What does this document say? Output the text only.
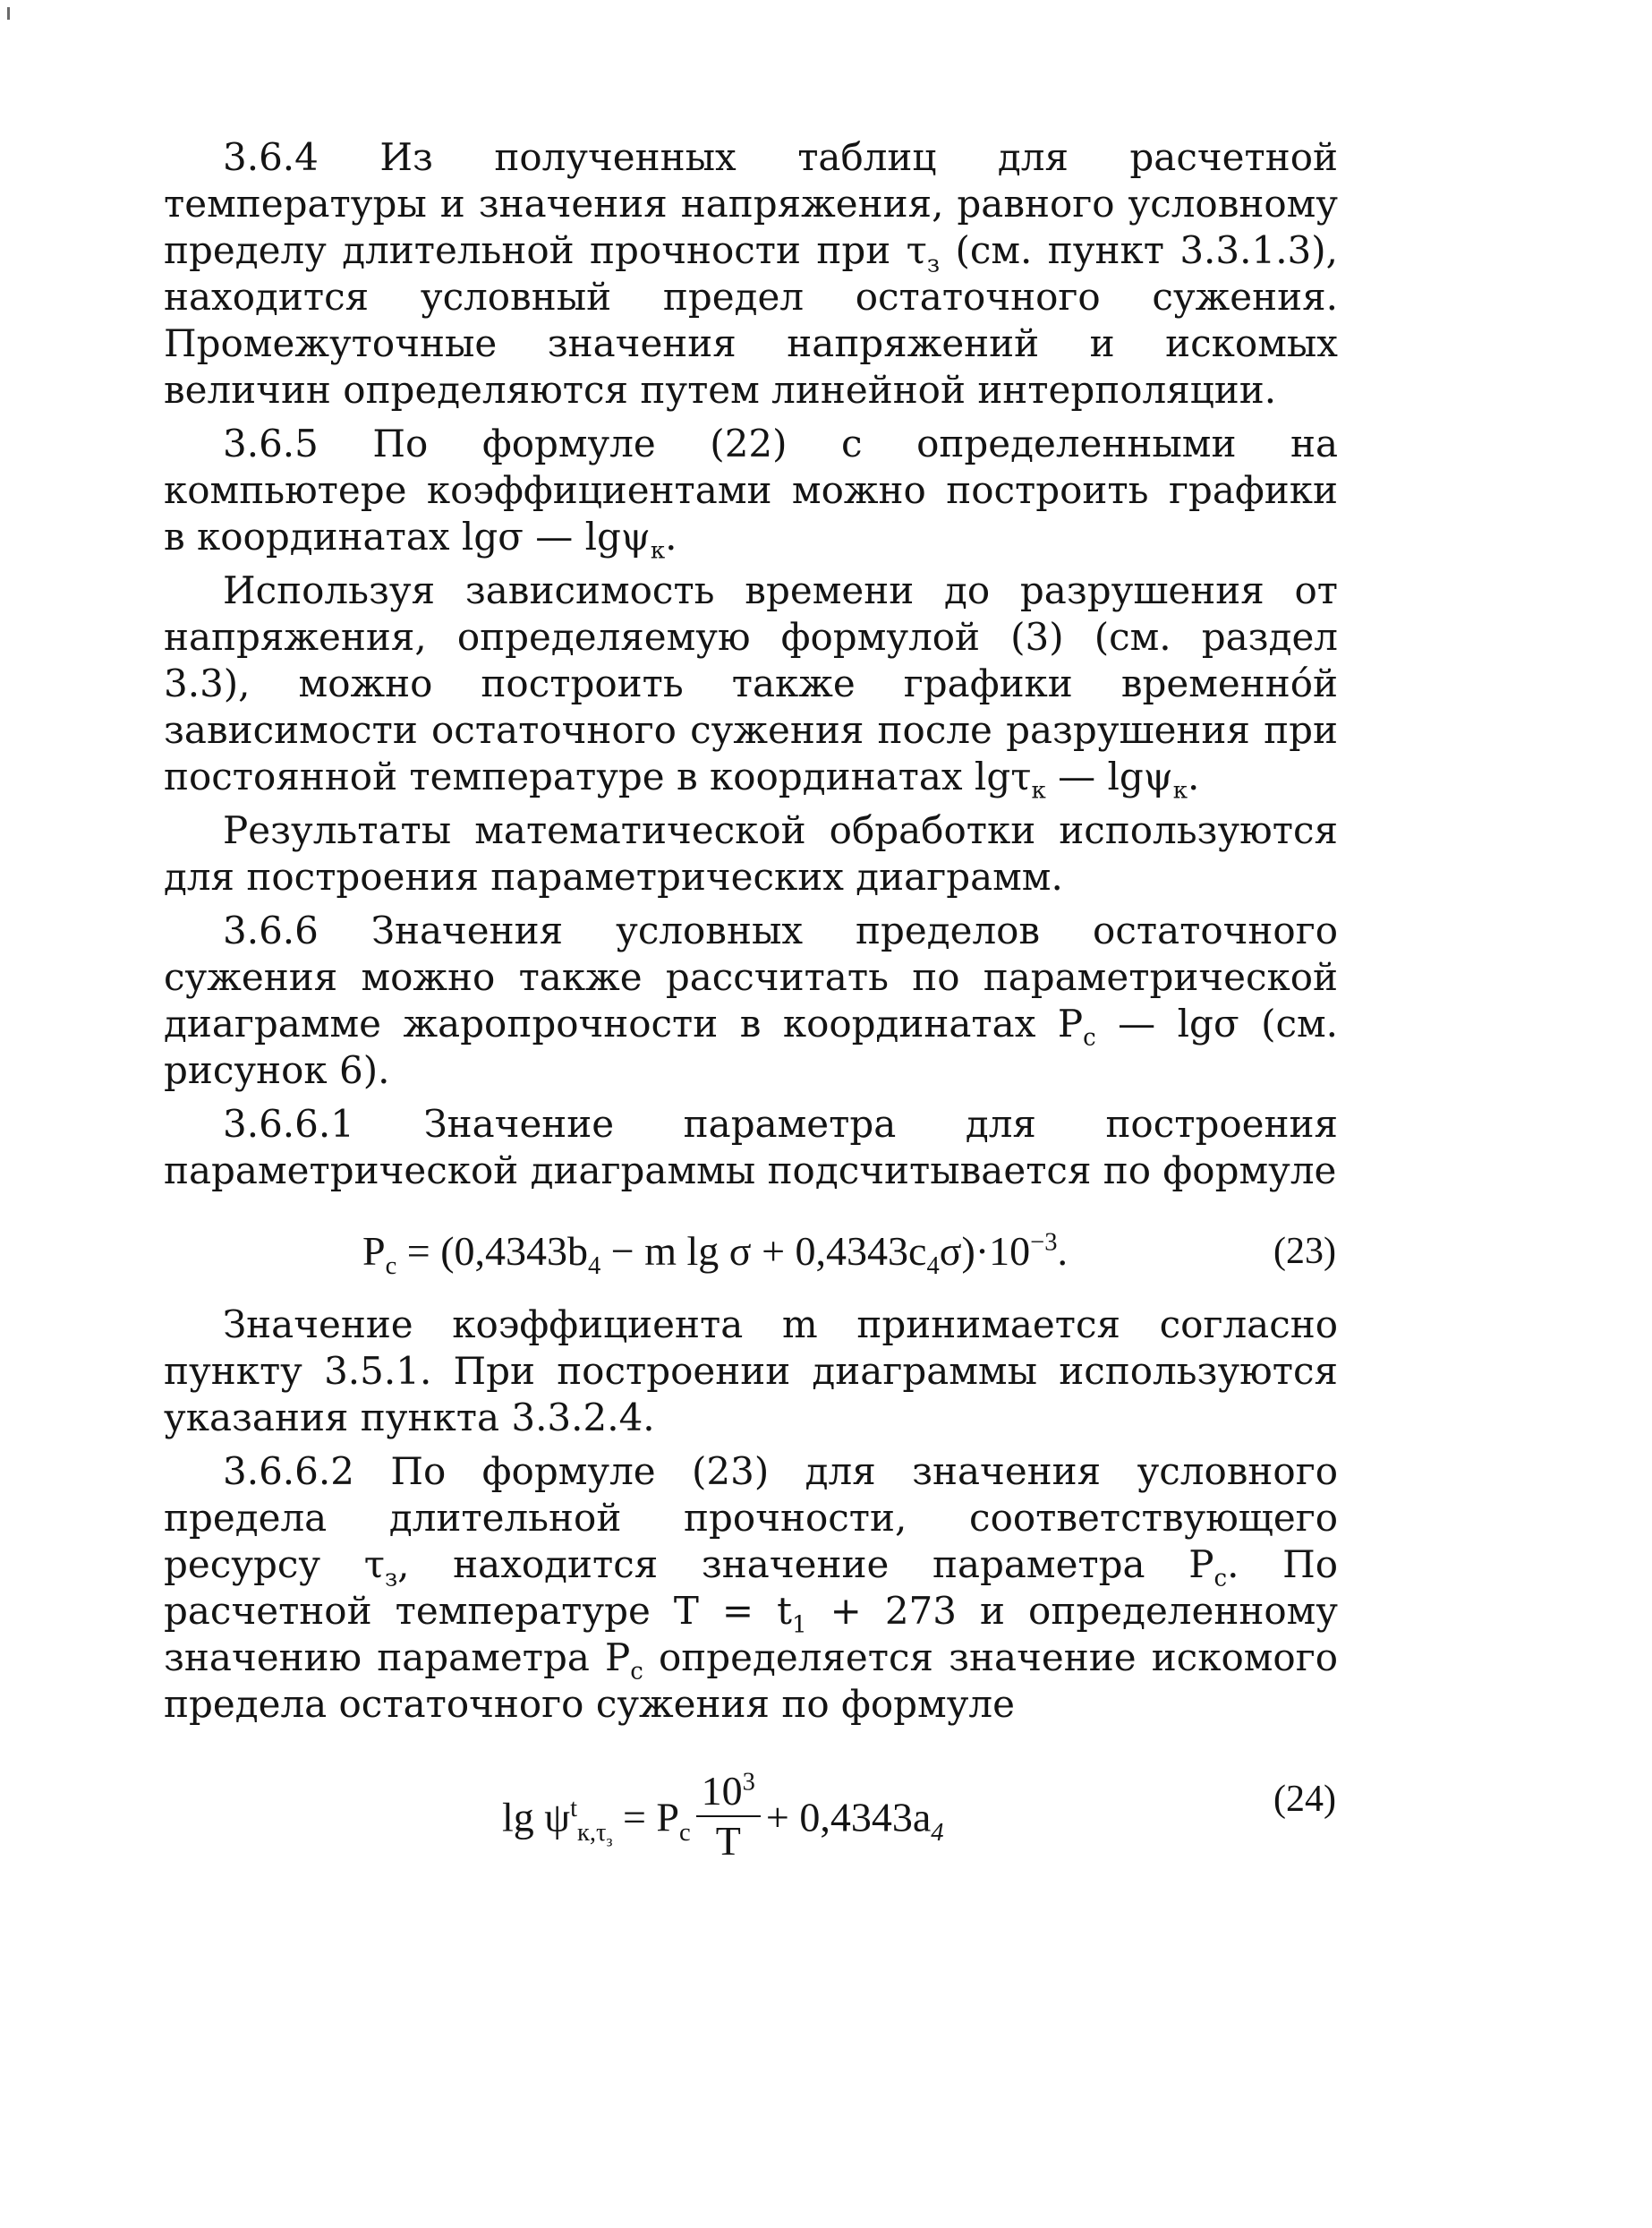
3.6.4 Из полученных таблиц для расчетной температуры и значения напряжения, равного условному пределу длительной прочности при $\tau_з$ (см. пункт 3.3.1.3), находится условный предел остаточного сужения. Промежуточные значения напряжений и искомых величин определяются путем линейной интерполяции.

3.6.5 По формуле (22) с определенными на компьютере коэффициентами можно построить графики в координатах lgσ — lgψ$_к$.

Используя зависимость времени до разрушения от напряжения, определяемую формулой (3) (см. раздел 3.3), можно построить также графики временнóй зависимости остаточного сужения после разрушения при постоянной температуре в координатах lgτ$_к$ — lgψ$_к$.

Результаты математической обработки используются для построения параметрических диаграмм.

3.6.6 Значения условных пределов остаточного сужения можно также рассчитать по параметрической диаграмме жаропрочности в координатах $P_c$ — lgσ (см. рисунок 6).

3.6.6.1 Значение параметра для построения параметрической диаграммы подсчитывается по формуле

$P_c = (0,4343b_4 - m$ $\lg \sigma + 0,4343c_4\sigma)\cdot 10^{-3}$.	(23)

Значение коэффициента m принимается согласно пункту 3.5.1. При построении диаграммы используются указания пункта 3.3.2.4.

3.6.6.2 По формуле (23) для значения условного предела длительной прочности, соответствующего ресурсу $\tau_з$, находится значение параметра $P_c$. По расчетной температуре $T = t_1 + 273$ и определенному значению параметра $P_c$ определяется значение искомого предела остаточного сужения по формуле

$\lg \psi^t_{к,\tau_з} = P_c \frac{10^3}{T} + 0,4343a_4$
(24)
